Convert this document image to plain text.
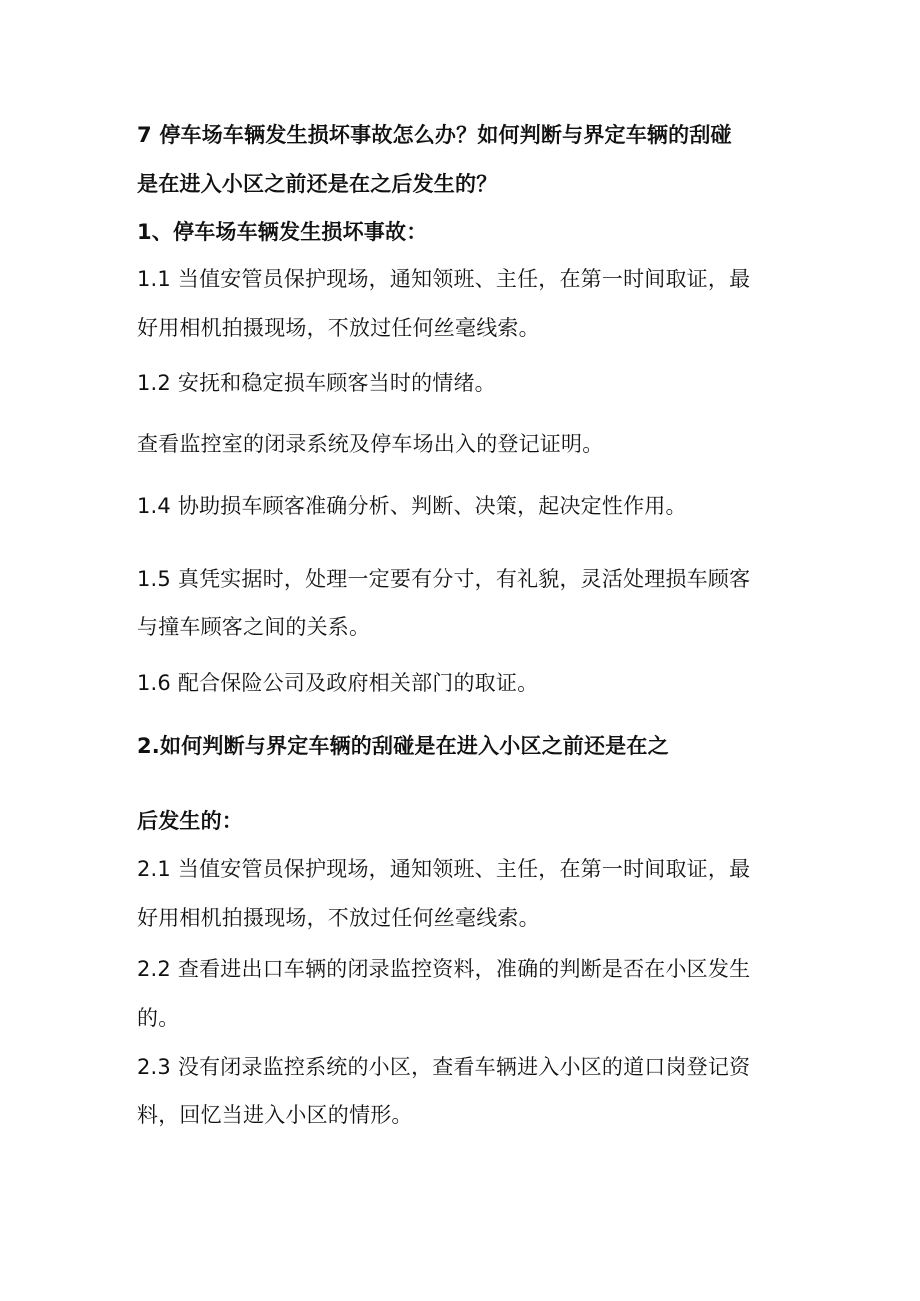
7 停车场车辆发生损坏事故怎么办？如何判断与界定车辆的刮碰
是在进入小区之前还是在之后发生的？
1、停车场车辆发生损坏事故：
1.1 当值安管员保护现场，通知领班、主任，在第一时间取证，最
好用相机拍摄现场，不放过任何丝毫线索。
1.2 安抚和稳定损车顾客当时的情绪。
查看监控室的闭录系统及停车场出入的登记证明。
1.4 协助损车顾客准确分析、判断、决策，起决定性作用。
1.5 真凭实据时，处理一定要有分寸，有礼貌，灵活处理损车顾客
与撞车顾客之间的关系。
1.6 配合保险公司及政府相关部门的取证。
2.如何判断与界定车辆的刮碰是在进入小区之前还是在之
后发生的：
2.1 当值安管员保护现场，通知领班、主任，在第一时间取证，最
好用相机拍摄现场，不放过任何丝毫线索。
2.2 查看进出口车辆的闭录监控资料，准确的判断是否在小区发生
的。
2.3 没有闭录监控系统的小区，查看车辆进入小区的道口岗登记资
料，回忆当进入小区的情形。
